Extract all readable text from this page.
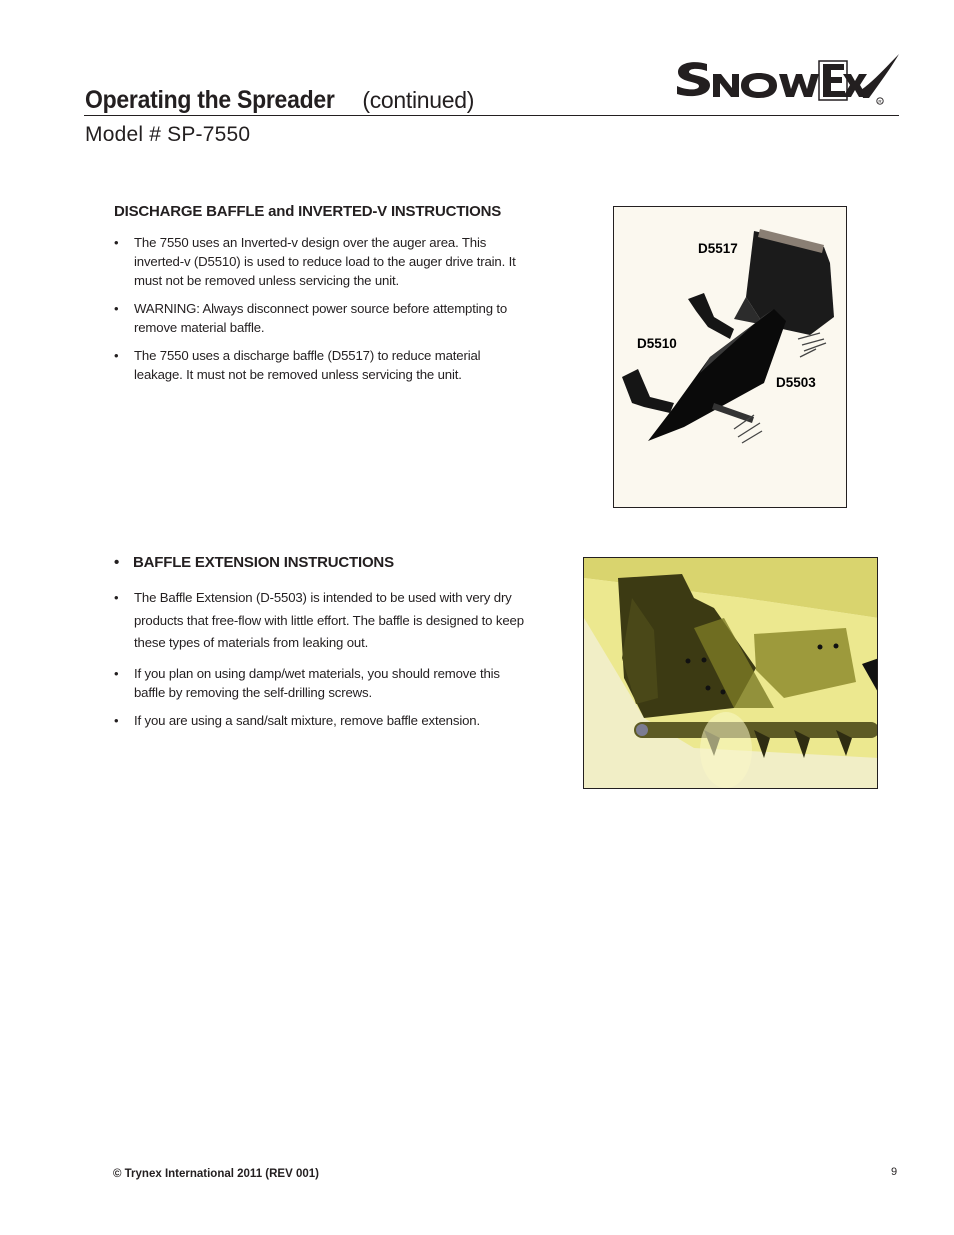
Operating the Spreader (continued)
Model # SP-7550
R
DISCHARGE BAFFLE and INVERTED-V INSTRUCTIONS
• The 7550 uses an Inverted-v design over the auger area. This inverted-v (D5510) is used to reduce load to the auger drive train. It must not be removed unless servicing the unit.
• WARNING: Always disconnect power source before attempting to remove material baffle.
• The 7550 uses a discharge baffle (D5517) to reduce material leakage. It must not be removed unless servicing the unit.
D5517
D5510
D5503
• BAFFLE EXTENSION INSTRUCTIONS
• The Baffle Extension (D-5503) is intended to be used with very dry products that free-flow with little effort. The baffle is designed to keep these types of materials from leaking out.
• If you plan on using damp/wet materials, you should remove this baffle by removing the self-drilling screws.
• If you are using a sand/salt mixture, remove baffle extension.
© Trynex International 2011 (REV 001)	9
